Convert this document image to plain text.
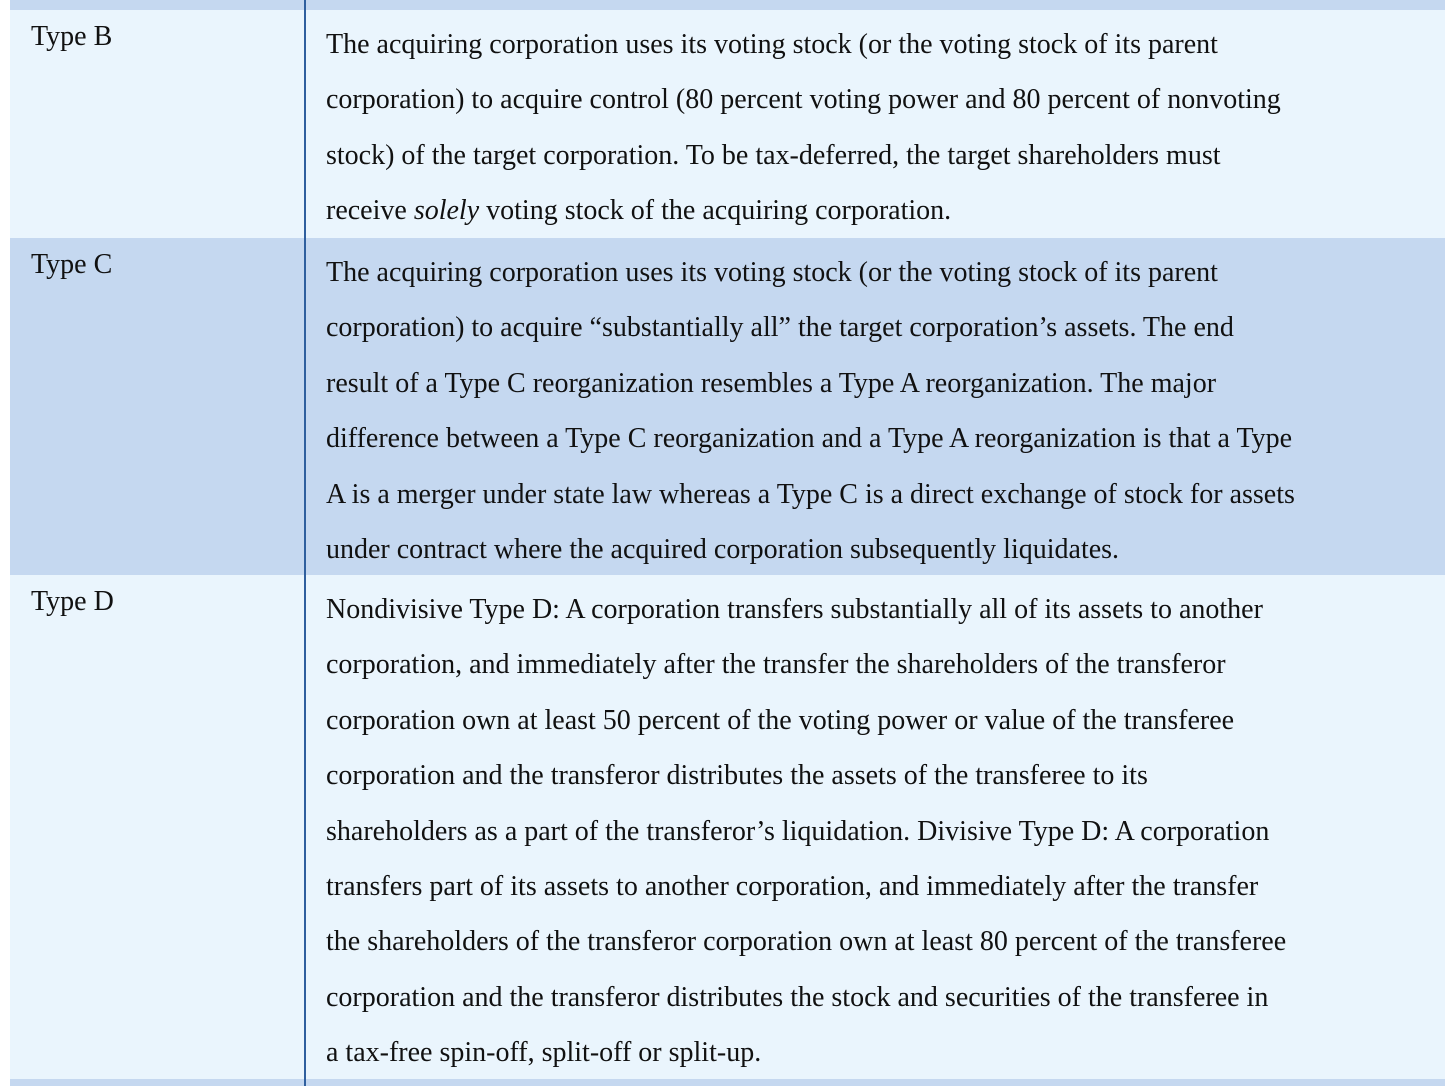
Type B	The acquiring corporation uses its voting stock (or the voting stock of its parent
corporation) to acquire control (80 percent voting power and 80 percent of nonvoting
stock) of the target corporation. To be tax-deferred, the target shareholders must
receive solely voting stock of the acquiring corporation.
Type C	The acquiring corporation uses its voting stock (or the voting stock of its parent
corporation) to acquire “substantially all” the target corporation’s assets. The end
result of a Type C reorganization resembles a Type A reorganization. The major
difference between a Type C reorganization and a Type A reorganization is that a Type
A is a merger under state law whereas a Type C is a direct exchange of stock for assets
under contract where the acquired corporation subsequently liquidates.
Type D	Nondivisive Type D: A corporation transfers substantially all of its assets to another
corporation, and immediately after the transfer the shareholders of the transferor
corporation own at least 50 percent of the voting power or value of the transferee
corporation and the transferor distributes the assets of the transferee to its
shareholders as a part of the transferor’s liquidation. Divisive Type D: A corporation
transfers part of its assets to another corporation, and immediately after the transfer
the shareholders of the transferor corporation own at least 80 percent of the transferee
corporation and the transferor distributes the stock and securities of the transferee in
a tax-free spin-off, split-off or split-up.
